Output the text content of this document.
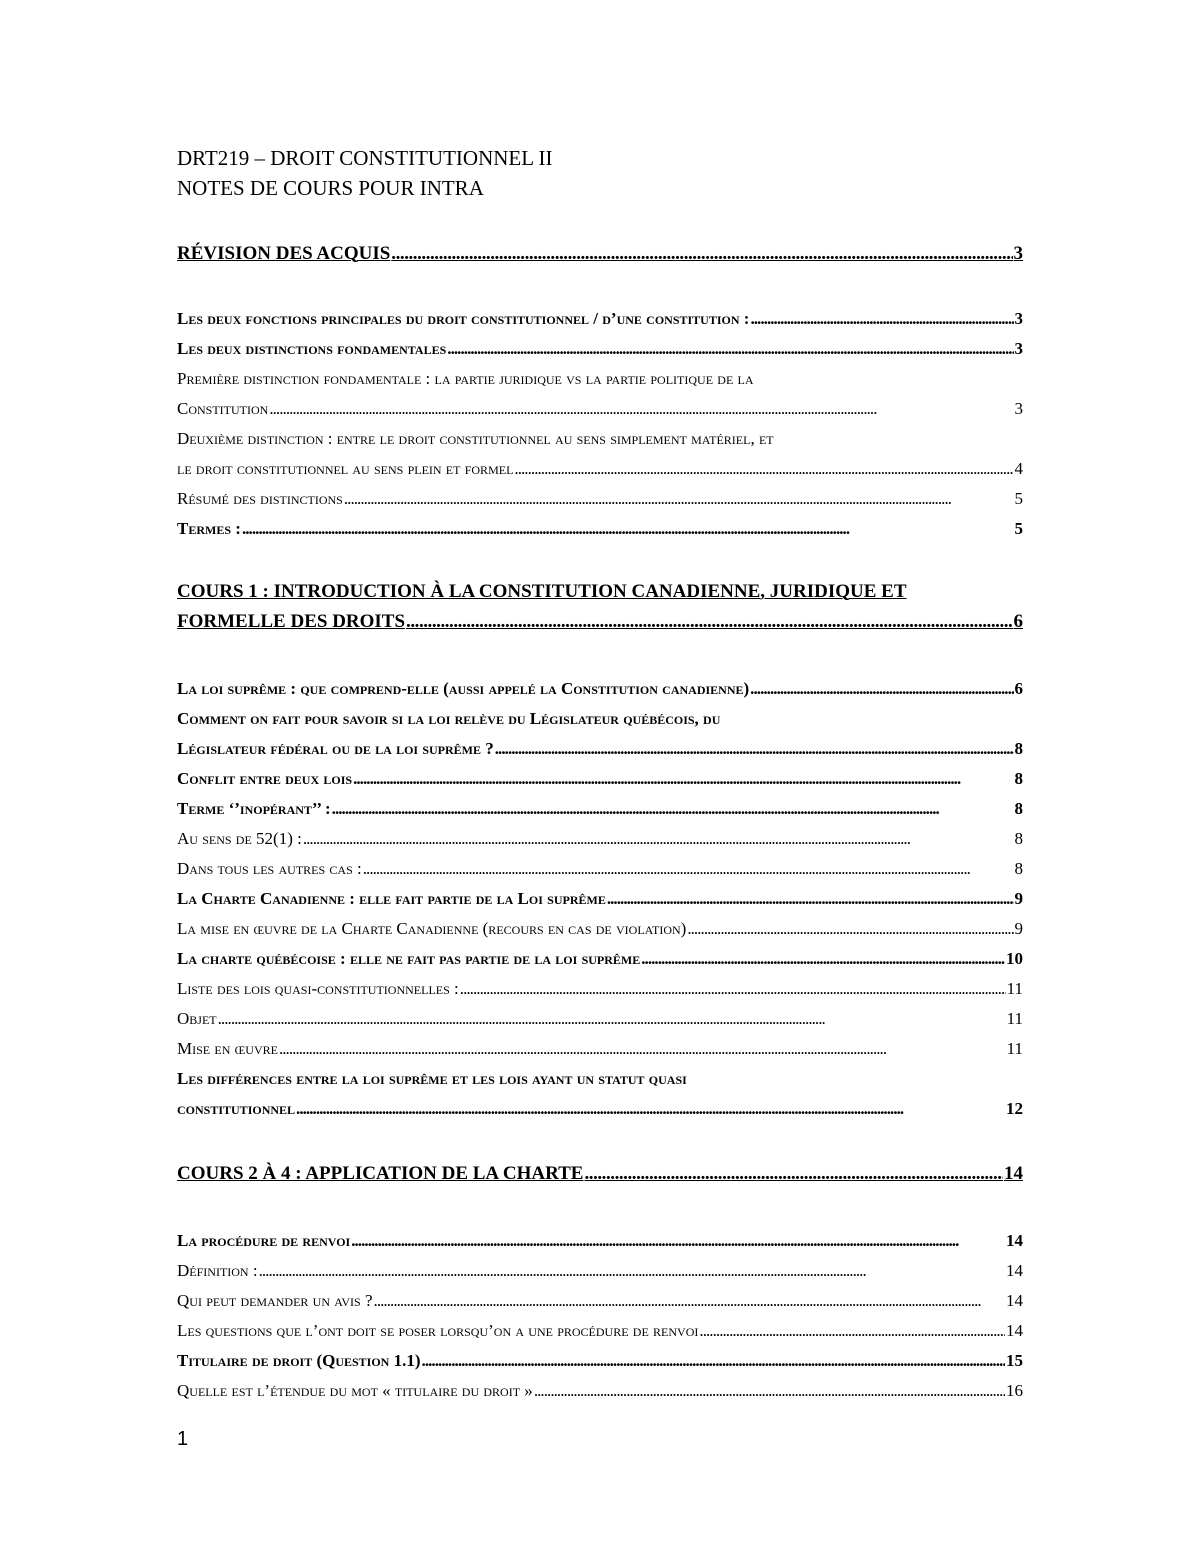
DRT219 – DROIT CONSTITUTIONNEL II
NOTES DE COURS POUR INTRA
RÉVISION DES ACQUIS . . .	3
Les deux fonctions principales du droit constitutionnel / d’une constitution : . . .	3
Les deux distinctions fondamentales . . .	3
Première distinction fondamentale : la partie juridique vs la partie politique de la
Constitution . . .	3
Deuxième distinction : entre le droit constitutionnel au sens simplement matériel, et
le droit constitutionnel au sens plein et formel . . .	4
Résumé des distinctions . . .	5
Termes : . . .	5
COURS 1 : INTRODUCTION À LA CONSTITUTION CANADIENNE, JURIDIQUE ET
FORMELLE DES DROITS . . .	6
La loi suprême : que comprend-elle (aussi appelé la Constitution canadienne) . . .	6
Comment on fait pour savoir si la loi relève du Législateur québécois, du
Législateur fédéral ou de la loi suprême ? . . .	8
Conflit entre deux lois . . .	8
Terme ‘’inopérant’’ : . . .	8
Au sens de 52(1) : . . .	8
Dans tous les autres cas : . . .	8
La Charte Canadienne : elle fait partie de la Loi suprême . . .	9
La mise en œuvre de la Charte Canadienne (recours en cas de violation) . . .	9
La charte québécoise : elle ne fait pas partie de la loi suprême . . .	10
Liste des lois quasi-constitutionnelles : . . .	11
Objet . . .	11
Mise en œuvre . . .	11
Les différences entre la loi suprême et les lois ayant un statut quasi
constitutionnel . . .	12
COURS 2 À 4 : APPLICATION DE LA CHARTE . . .	14
La procédure de renvoi . . .	14
Définition : . . .	14
Qui peut demander un avis ? . . .	14
Les questions que l’ont doit se poser lorsqu’on a une procédure de renvoi . . .	14
Titulaire de droit (Question 1.1) . . .	15
Quelle est l’étendue du mot « titulaire du droit » . . .	16
1
